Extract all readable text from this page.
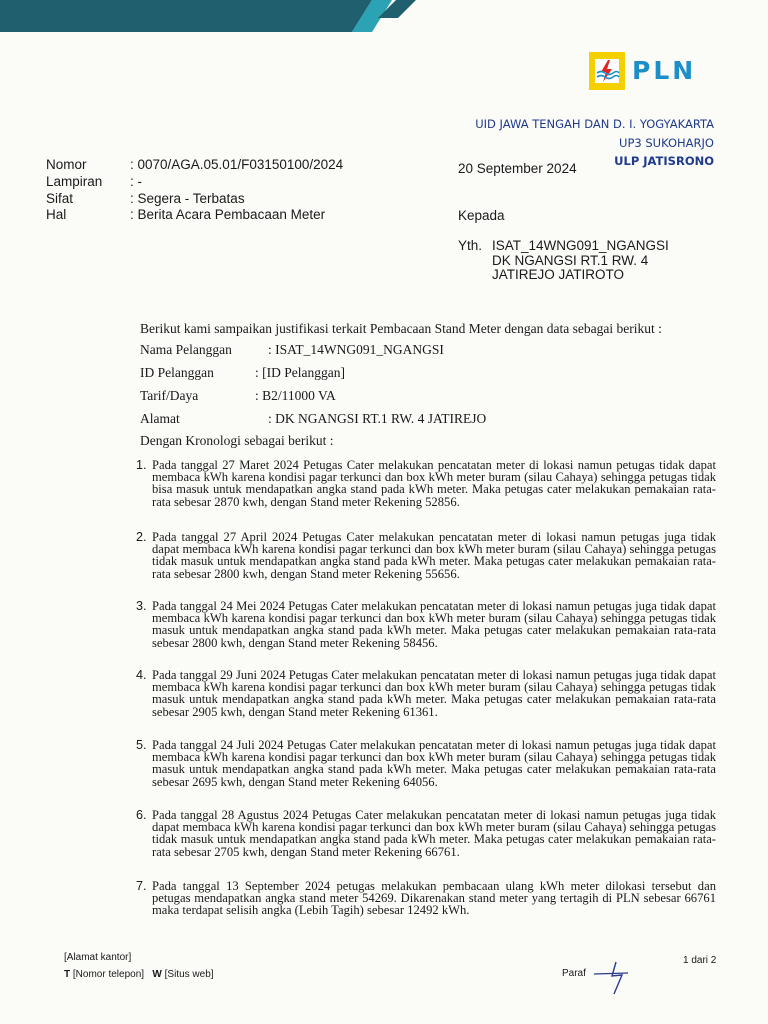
PLN
UID JAWA TENGAH DAN D. I. YOGYAKARTA
UP3 SUKOHARJO
ULP JATISRONO
Nomor	: 0070/AGA.05.01/F03150100/2024
Lampiran : -
Sifat	: Segera - Terbatas
Hal	: Berita Acara Pembacaan Meter
20 September 2024
Kepada
Yth. ISAT_14WNG091_NGANGSI
DK NGANGSI RT.1 RW. 4
JATIREJO JATIROTO
Berikut kami sampaikan justifikasi terkait Pembacaan Stand Meter dengan data sebagai berikut :
Nama Pelanggan	: ISAT_14WNG091_NGANGSI
ID Pelanggan	: [ID Pelanggan]
Tarif/Daya	: B2/11000 VA
Alamat	: DK NGANGSI RT.1 RW. 4 JATIREJO
Dengan Kronologi sebagai berikut :
1. Pada tanggal 27 Maret 2024 Petugas Cater melakukan pencatatan meter di lokasi namun petugas tidak dapat membaca kWh karena kondisi pagar terkunci dan box kWh meter buram (silau Cahaya) sehingga petugas tidak bisa masuk untuk mendapatkan angka stand pada kWh meter. Maka petugas cater melakukan pemakaian rata-rata sebesar 2870 kwh, dengan Stand meter Rekening 52856.
2. Pada tanggal 27 April 2024 Petugas Cater melakukan pencatatan meter di lokasi namun petugas juga tidak dapat membaca kWh karena kondisi pagar terkunci dan box kWh meter buram (silau Cahaya) sehingga petugas tidak masuk untuk mendapatkan angka stand pada kWh meter. Maka petugas cater melakukan pemakaian rata-rata sebesar 2800 kwh, dengan Stand meter Rekening 55656.
3. Pada tanggal 24 Mei 2024 Petugas Cater melakukan pencatatan meter di lokasi namun petugas juga tidak dapat membaca kWh karena kondisi pagar terkunci dan box kWh meter buram (silau Cahaya) sehingga petugas tidak masuk untuk mendapatkan angka stand pada kWh meter. Maka petugas cater melakukan pemakaian rata-rata sebesar 2800 kwh, dengan Stand meter Rekening 58456.
4. Pada tanggal 29 Juni 2024 Petugas Cater melakukan pencatatan meter di lokasi namun petugas juga tidak dapat membaca kWh karena kondisi pagar terkunci dan box kWh meter buram (silau Cahaya) sehingga petugas tidak masuk untuk mendapatkan angka stand pada kWh meter. Maka petugas cater melakukan pemakaian rata-rata sebesar 2905 kwh, dengan Stand meter Rekening 61361.
5. Pada tanggal 24 Juli 2024 Petugas Cater melakukan pencatatan meter di lokasi namun petugas juga tidak dapat membaca kWh karena kondisi pagar terkunci dan box kWh meter buram (silau Cahaya) sehingga petugas tidak masuk untuk mendapatkan angka stand pada kWh meter. Maka petugas cater melakukan pemakaian rata-rata sebesar 2695 kwh, dengan Stand meter Rekening 64056.
6. Pada tanggal 28 Agustus 2024 Petugas Cater melakukan pencatatan meter di lokasi namun petugas juga tidak dapat membaca kWh karena kondisi pagar terkunci dan box kWh meter buram (silau Cahaya) sehingga petugas tidak masuk untuk mendapatkan angka stand pada kWh meter. Maka petugas cater melakukan pemakaian rata-rata sebesar 2705 kwh, dengan Stand meter Rekening 66761.
7. Pada tanggal 13 September 2024 petugas melakukan pembacaan ulang kWh meter dilokasi tersebut dan petugas mendapatkan angka stand meter 54269. Dikarenakan stand meter yang tertagih di PLN sebesar 66761 maka terdapat selisih angka (Lebih Tagih) sebesar 12492 kWh.
[Alamat kantor]
T [Nomor telepon] W [Situs web]
1 dari 2
Paraf
